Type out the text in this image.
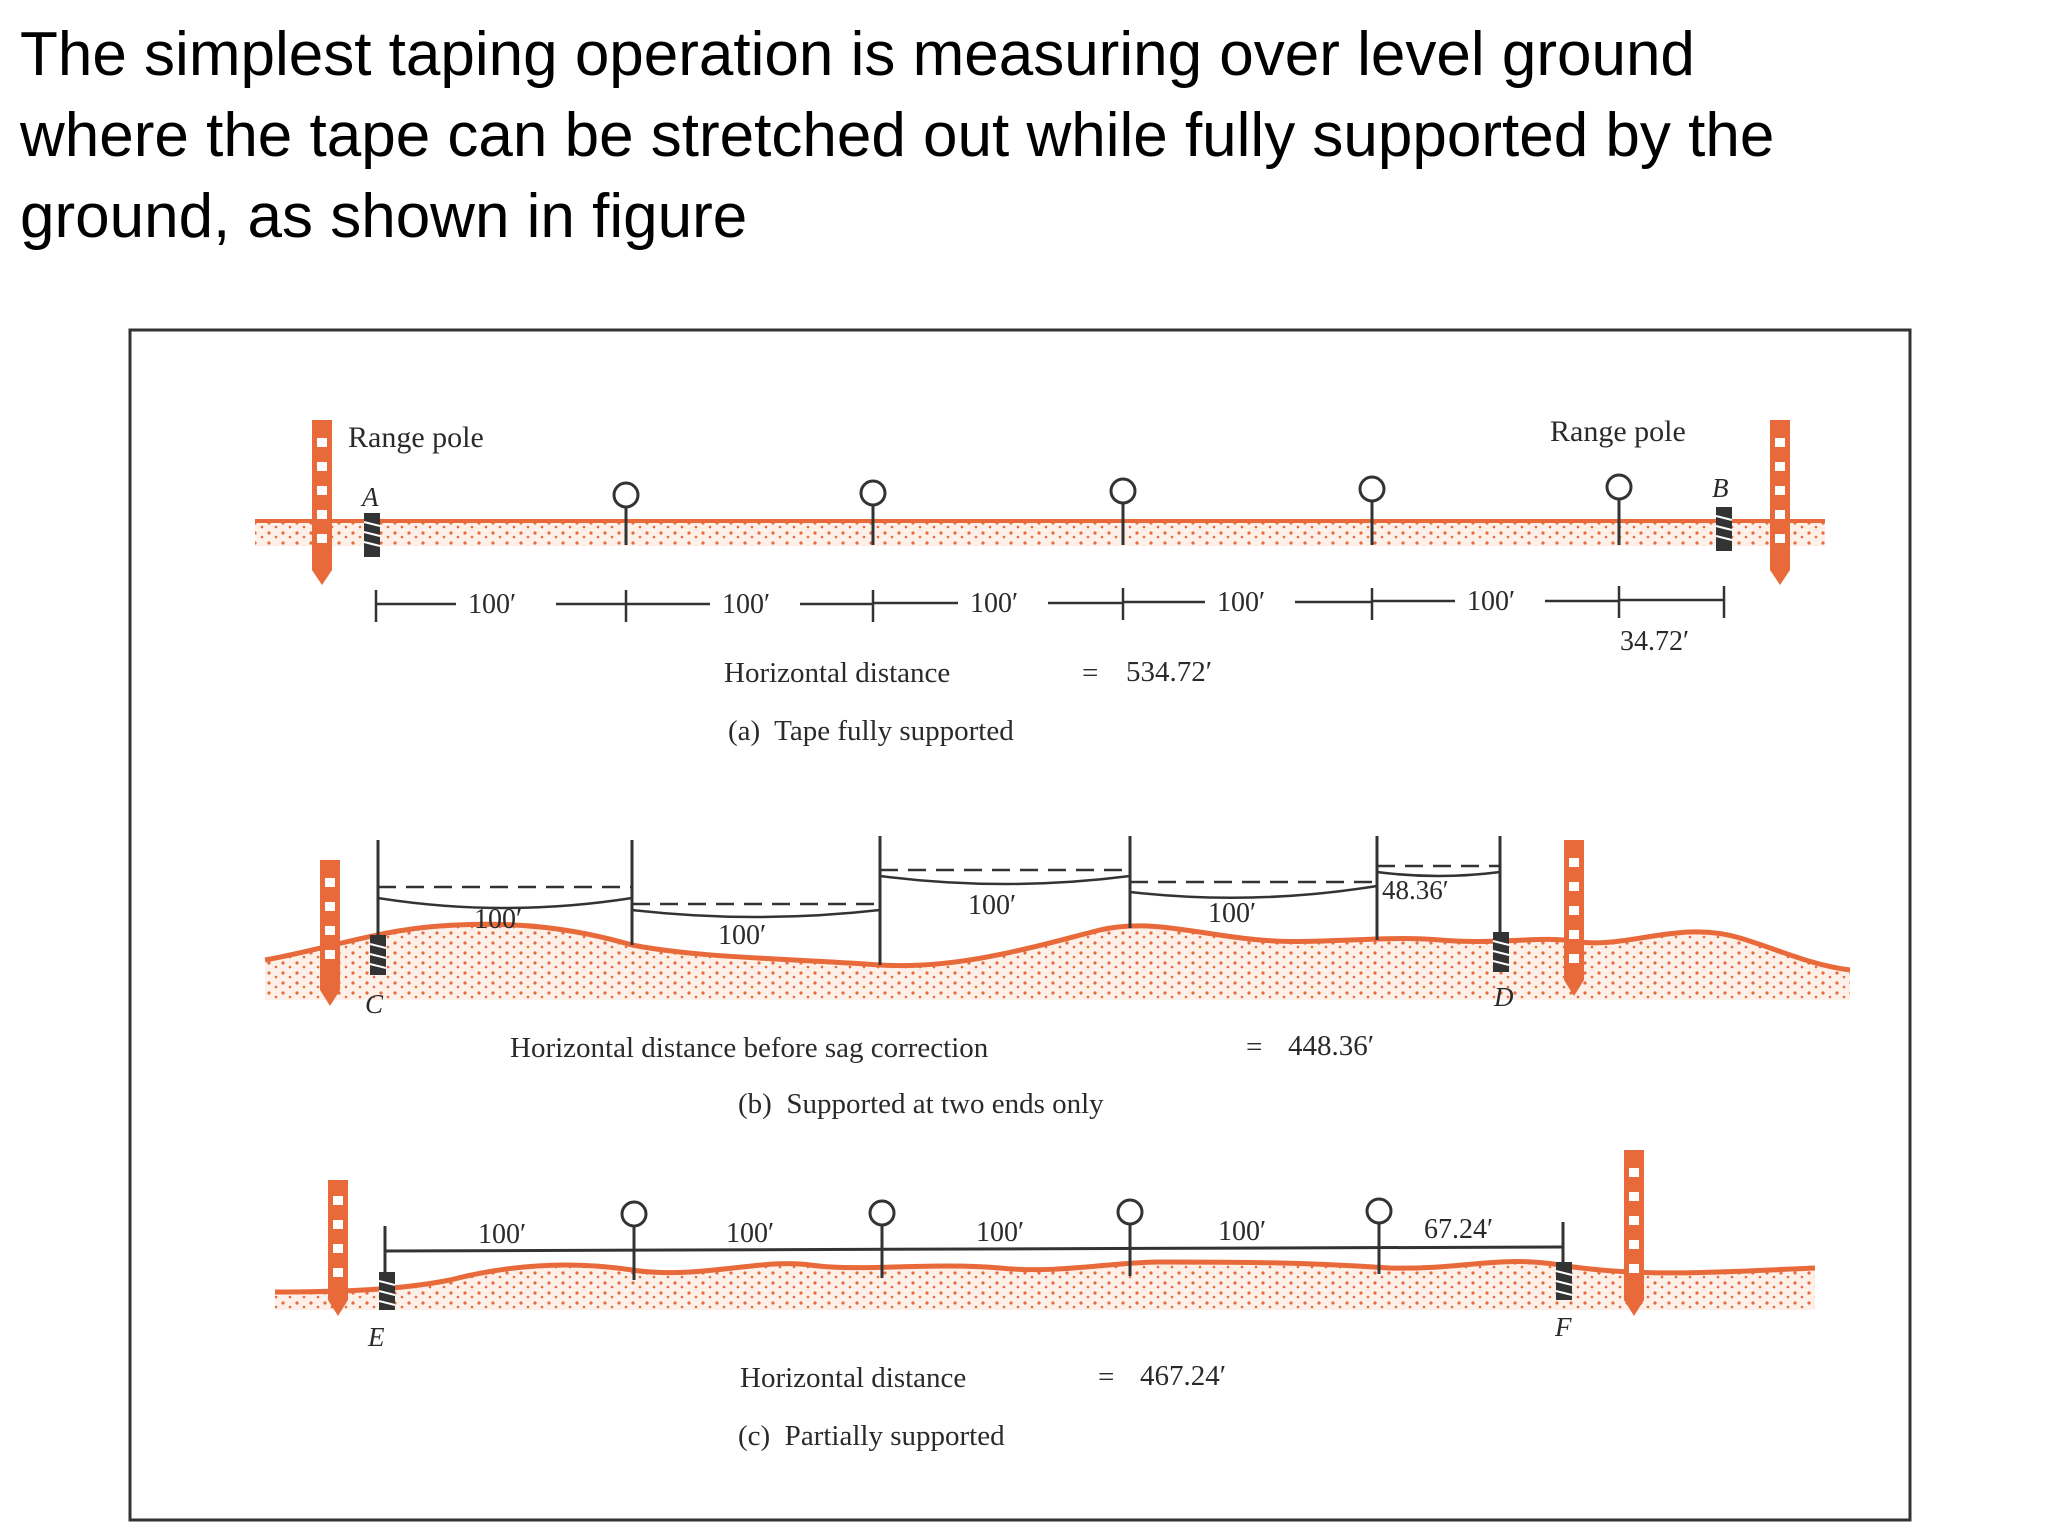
The simplest taping operation is measuring over level ground
where the tape can be stretched out while fully supported by the
ground, as shown in figure
Range pole	Range pole
A	B
100′	100′	100′	100′	100′
34.72′
Horizontal distance	= 534.72′
(a)  Tape fully supported
C	D
100′
100′
100′	100′
48.36′
Horizontal distance before sag correction	= 448.36′
(b)  Supported at two ends only
E	F
100′	100′	100′	100′	67.24′
Horizontal distance	= 467.24′
(c)  Partially supported
